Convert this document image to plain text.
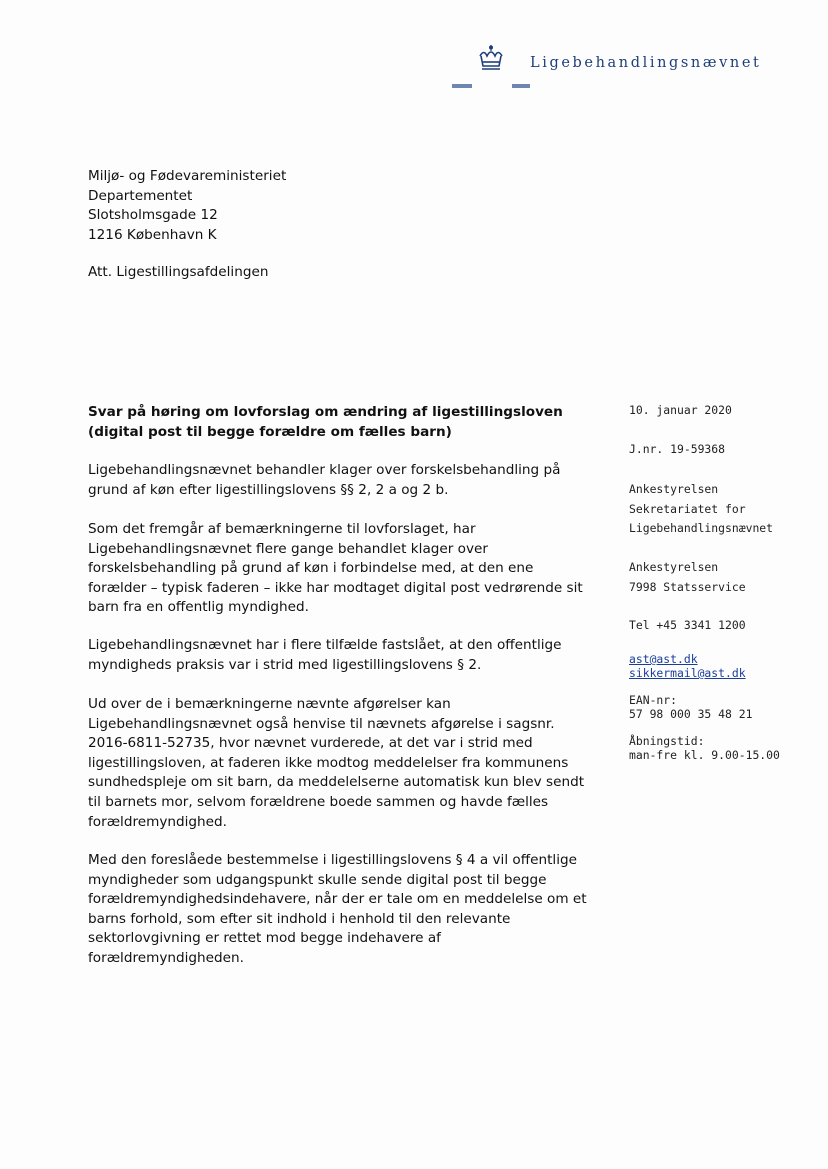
Ligebehandlingsnævnet
Miljø- og Fødevareministeriet
Departementet
Slotsholmsgade 12
1216 København K
Att. Ligestillingsafdelingen
Svar på høring om lovforslag om ændring af ligestillingsloven
(digital post til begge forældre om fælles barn)
Ligebehandlingsnævnet behandler klager over forskelsbehandling på
grund af køn efter ligestillingslovens §§ 2, 2 a og 2 b.
Som det fremgår af bemærkningerne til lovforslaget, har
Ligebehandlingsnævnet flere gange behandlet klager over
forskelsbehandling på grund af køn i forbindelse med, at den ene
forælder – typisk faderen – ikke har modtaget digital post vedrørende sit
barn fra en offentlig myndighed.
Ligebehandlingsnævnet har i flere tilfælde fastslået, at den offentlige
myndigheds praksis var i strid med ligestillingslovens § 2.
Ud over de i bemærkningerne nævnte afgørelser kan
Ligebehandlingsnævnet også henvise til nævnets afgørelse i sagsnr.
2016-6811-52735, hvor nævnet vurderede, at det var i strid med
ligestillingsloven, at faderen ikke modtog meddelelser fra kommunens
sundhedspleje om sit barn, da meddelelserne automatisk kun blev sendt
til barnets mor, selvom forældrene boede sammen og havde fælles
forældremyndighed.
Med den foreslåede bestemmelse i ligestillingslovens § 4 a vil offentlige
myndigheder som udgangspunkt skulle sende digital post til begge
forældremyndighedsindehavere, når der er tale om en meddelelse om et
barns forhold, som efter sit indhold i henhold til den relevante
sektorlovgivning er rettet mod begge indehavere af
forældremyndigheden.
10. januar 2020
J.nr. 19-59368
Ankestyrelsen
Sekretariatet for
Ligebehandlingsnævnet
Ankestyrelsen
7998 Statsservice
Tel +45 3341 1200
ast@ast.dk
sikkermail@ast.dk
EAN-nr:
57 98 000 35 48 21
Åbningstid:
man-fre kl. 9.00-15.00
